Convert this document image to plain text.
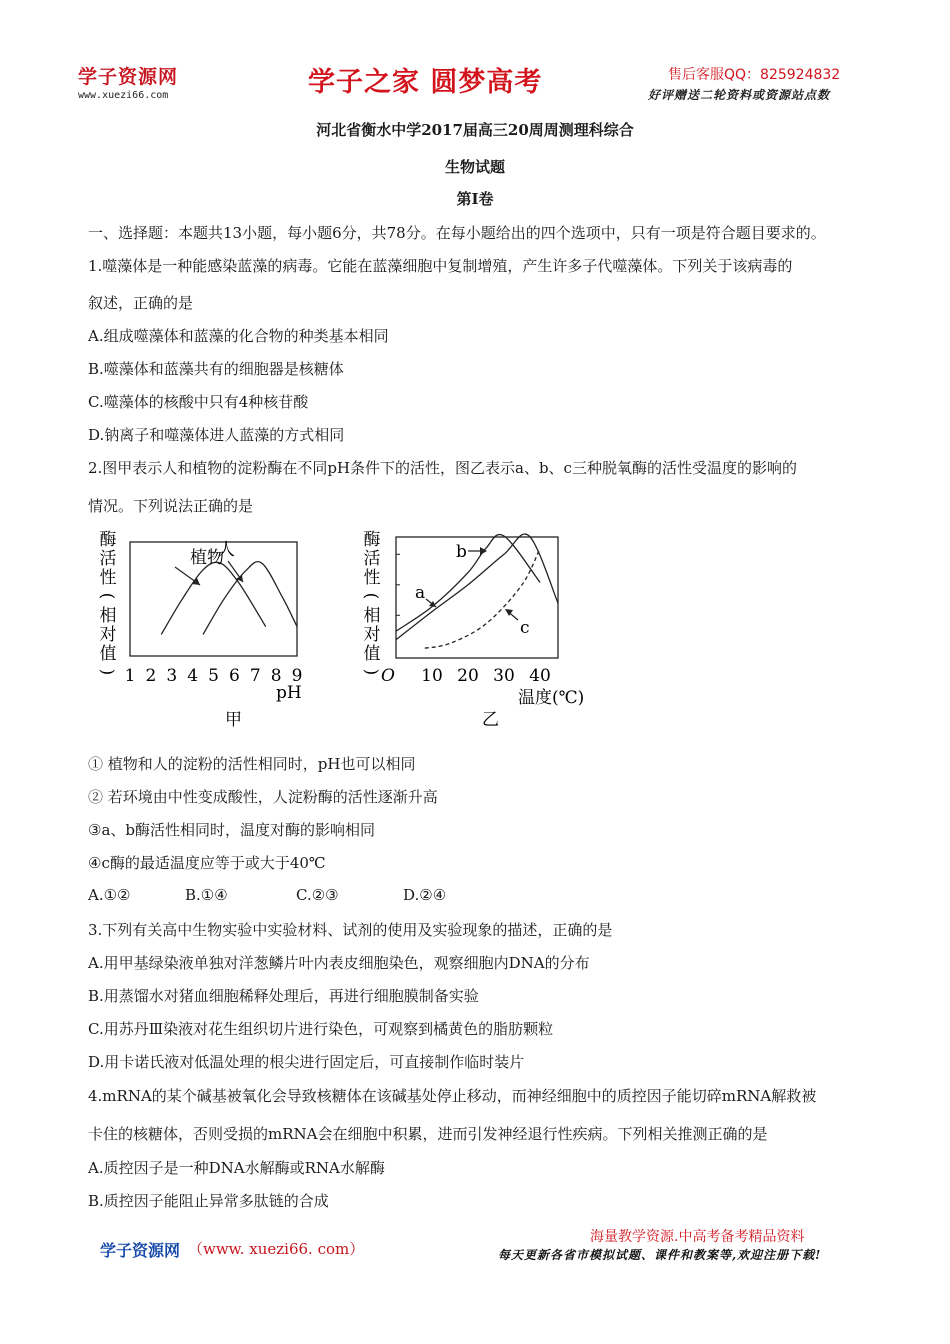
学子资源网
www.xuezi66.com	学子之家 圆梦高考	售后客服QQ：825924832
好评赠送二轮资料或资源站点数
河北省衡水中学2017届高三20周周测理科综合
生物试题
第Ⅰ卷
一、选择题：本题共13小题，每小题6分，共78分。在每小题给出的四个选项中，只有一项是符合题目要求的。
1.噬藻体是一种能感染蓝藻的病毒。它能在蓝藻细胞中复制增殖，产生许多子代噬藻体。下列关于该病毒的
叙述，正确的是
A.组成噬藻体和蓝藻的化合物的种类基本相同
B.噬藻体和蓝藻共有的细胞器是核糖体
C.噬藻体的核酸中只有4种核苷酸
D.钠离子和噬藻体进人蓝藻的方式相同
2.图甲表示人和植物的淀粉酶在不同pH条件下的活性，图乙表示a、b、c三种脱氧酶的活性受温度的影响的
情况。下列说法正确的是
酶
活
性
(
相
对
值
) 1 2 3 4 5 6 7 8 9
植物
人
pH
甲
酶
活
性
(
相
对
值
) 10 20 30 40
O
a
b
c
温度(℃)
乙
① 植物和人的淀粉的活性相同时，pH也可以相同
② 若环境由中性变成酸性，人淀粉酶的活性逐渐升高
③a、b酶活性相同时，温度对酶的影响相同
④c酶的最适温度应等于或大于40℃
A.①②	B.①④	C.②③	D.②④
3.下列有关高中生物实验中实验材料、试剂的使用及实验现象的描述，正确的是
A.用甲基绿染液单独对洋葱鳞片叶内表皮细胞染色，观察细胞内DNA的分布
B.用蒸馏水对猪血细胞稀释处理后，再进行细胞膜制备实验
C.用苏丹Ⅲ染液对花生组织切片进行染色，可观察到橘黄色的脂肪颗粒
D.用卡诺氏液对低温处理的根尖进行固定后，可直接制作临时装片
4.mRNA的某个碱基被氧化会导致核糖体在该碱基处停止移动，而神经细胞中的质控因子能切碎mRNA解救被
卡住的核糖体，否则受损的mRNA会在细胞中积累，进而引发神经退行性疾病。下列相关推测正确的是
A.质控因子是一种DNA水解酶或RNA水解酶
B.质控因子能阻止异常多肽链的合成
学子资源网 （www. xuezi66. com）
海量教学资源.中高考备考精品资料
每天更新各省市模拟试题、课件和教案等,欢迎注册下载!
